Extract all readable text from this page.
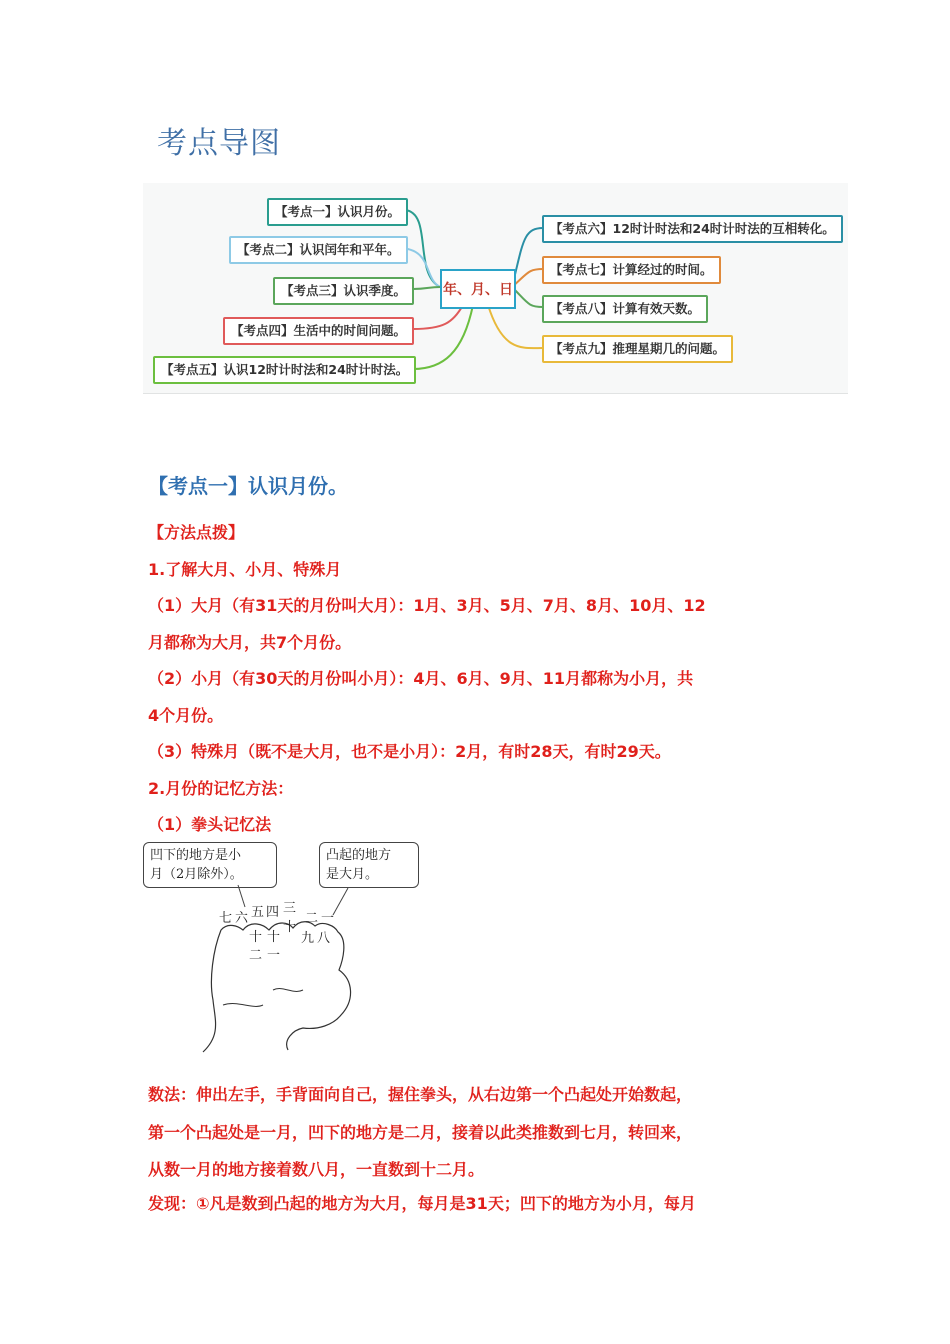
考点导图
【考点一】认识月份。
【考点二】认识闰年和平年。
【考点三】认识季度。
【考点四】生活中的时间问题。
【考点五】认识12时计时法和24时计时法。
年、月、日
【考点六】12时计时法和24时计时法的互相转化。
【考点七】计算经过的时间。
【考点八】计算有效天数。
【考点九】推理星期几的问题。
【考点一】认识月份。
【方法点拨】
1.了解大月、小月、特殊月
（1）大月（有31天的月份叫大月）：1月、3月、5月、7月、8月、10月、12
月都称为大月，共7个月份。
（2）小月（有30天的月份叫小月）：4月、6月、9月、11月都称为小月，共
4个月份。
（3）特殊月（既不是大月，也不是小月）：2月，有时28天，有时29天。
2.月份的记忆方法：
（1）拳头记忆法
凹下的地方是小
月（2月除外）。
凸起的地方
是大月。
七 六 五 四 三
二 一
十 十
十
九 八
二 一
数法：伸出左手，手背面向自己，握住拳头，从右边第一个凸起处开始数起，
第一个凸起处是一月，凹下的地方是二月，接着以此类推数到七月，转回来，
从数一月的地方接着数八月，一直数到十二月。
发现：①凡是数到凸起的地方为大月，每月是31天；凹下的地方为小月，每月
